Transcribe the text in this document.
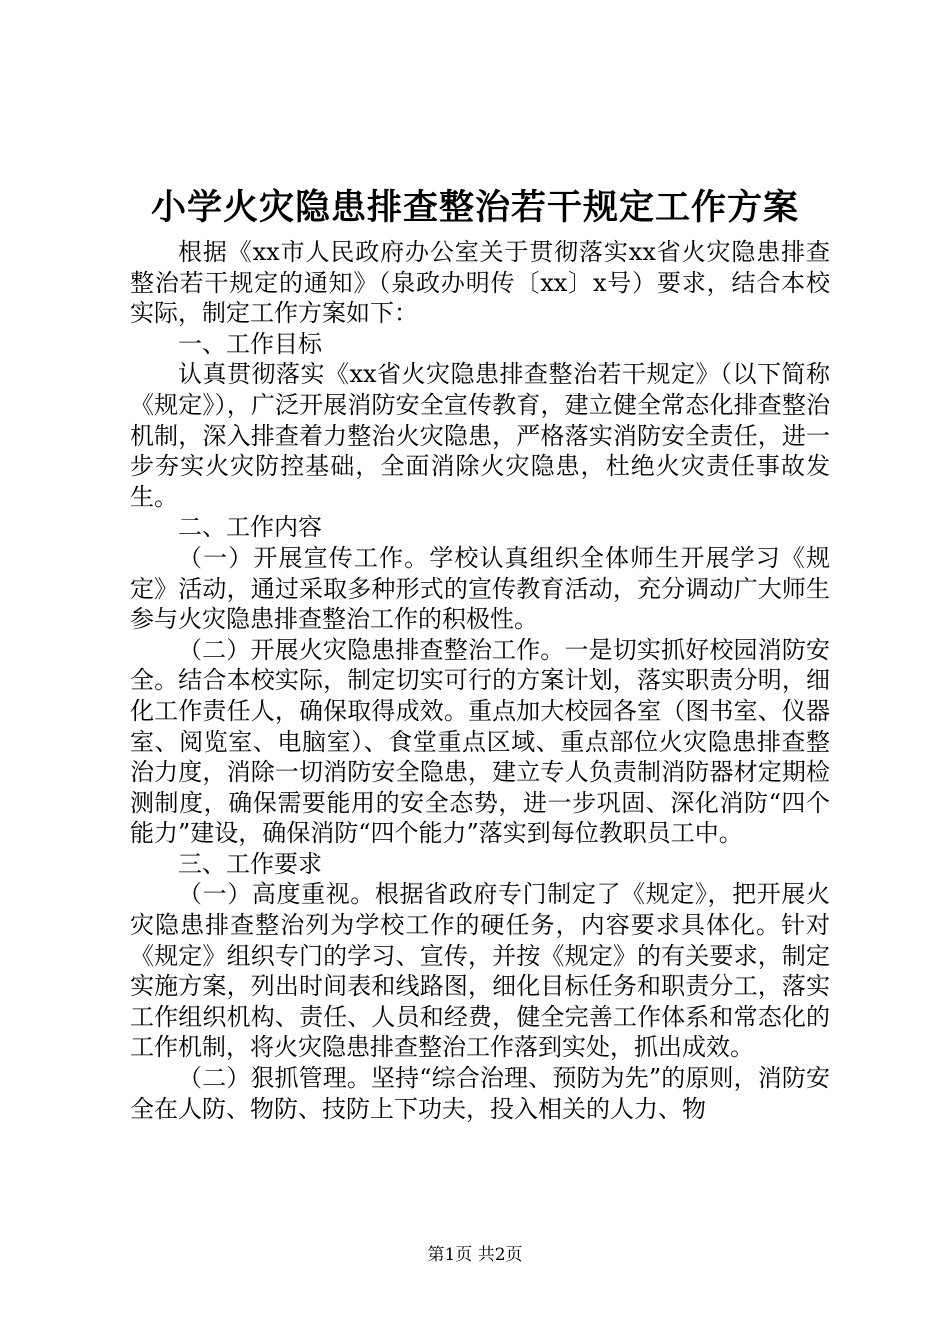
小学火灾隐患排查整治若干规定工作方案

根据《xx市人民政府办公室关于贯彻落实xx省火灾隐患排查整治若干规定的通知》（泉政办明传〔xx〕x号）要求，结合本校实际，制定工作方案如下：

一、工作目标

认真贯彻落实《xx省火灾隐患排查整治若干规定》（以下简称《规定》），广泛开展消防安全宣传教育，建立健全常态化排查整治机制，深入排查着力整治火灾隐患，严格落实消防安全责任，进一步夯实火灾防控基础，全面消除火灾隐患，杜绝火灾责任事故发生。

二、工作内容

（一）开展宣传工作。学校认真组织全体师生开展学习《规定》活动，通过采取多种形式的宣传教育活动，充分调动广大师生参与火灾隐患排查整治工作的积极性。

（二）开展火灾隐患排查整治工作。一是切实抓好校园消防安全。结合本校实际，制定切实可行的方案计划，落实职责分明，细化工作责任人，确保取得成效。重点加大校园各室（图书室、仪器室、阅览室、电脑室）、食堂重点区域、重点部位火灾隐患排查整治力度，消除一切消防安全隐患，建立专人负责制消防器材定期检测制度，确保需要能用的安全态势，进一步巩固、深化消防“四个能力”建设，确保消防“四个能力”落实到每位教职员工中。

三、工作要求

（一）高度重视。根据省政府专门制定了《规定》，把开展火灾隐患排查整治列为学校工作的硬任务，内容要求具体化。针对《规定》组织专门的学习、宣传，并按《规定》的有关要求，制定实施方案，列出时间表和线路图，细化目标任务和职责分工，落实工作组织机构、责任、人员和经费，健全完善工作体系和常态化的工作机制，将火灾隐患排查整治工作落到实处，抓出成效。

（二）狠抓管理。坚持“综合治理、预防为先”的原则，消防安全在人防、物防、技防上下功夫，投入相关的人力、物

第1页 共2页
